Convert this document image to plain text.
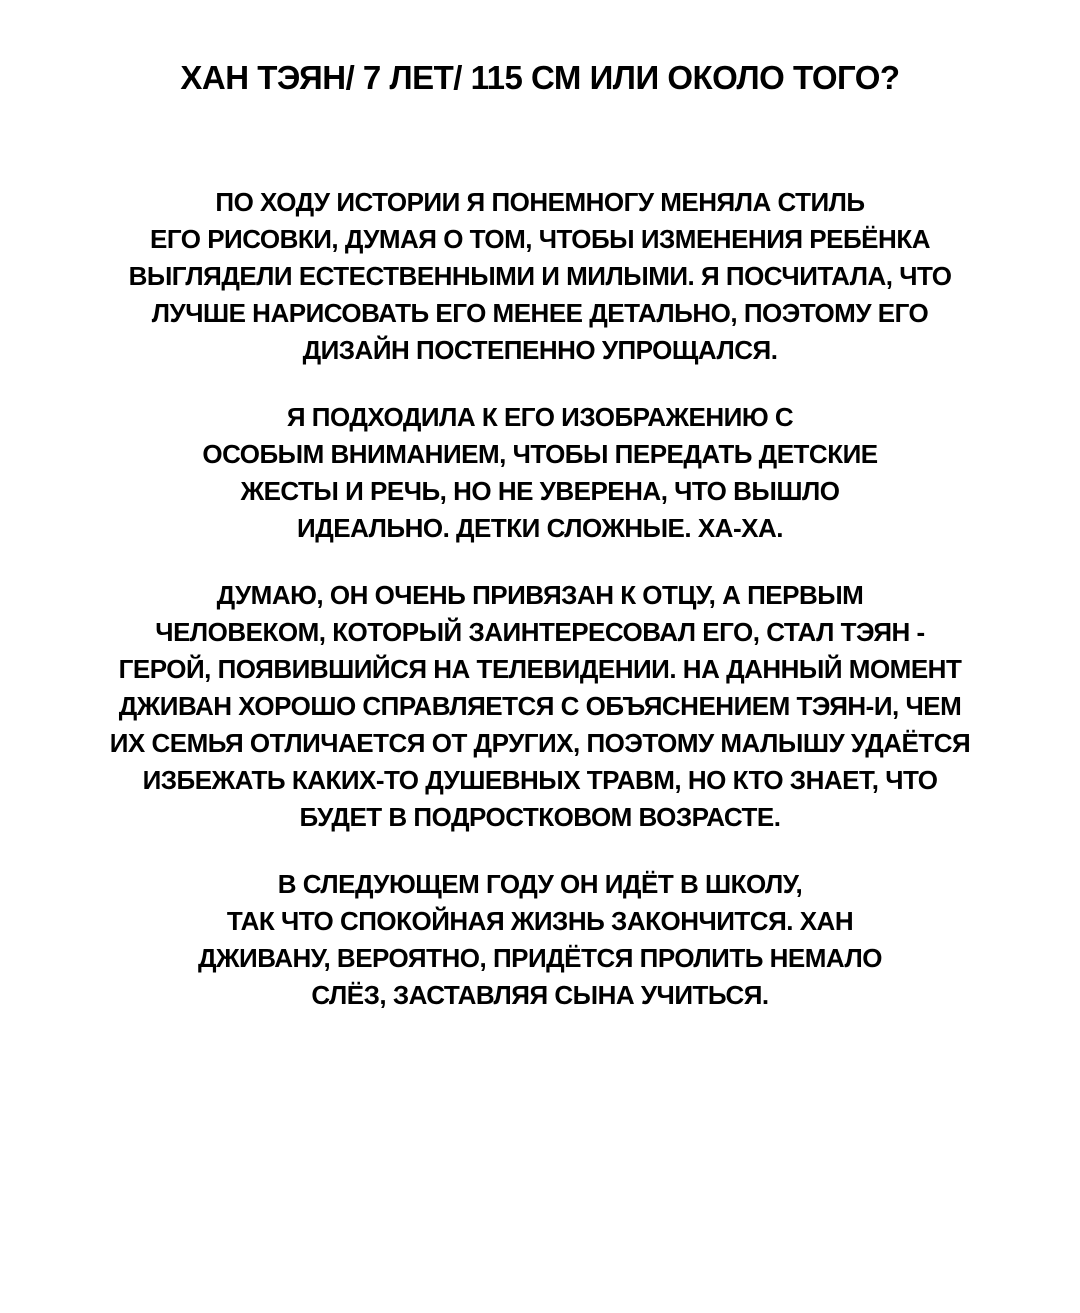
ХАН ТЭЯН/ 7 ЛЕТ/ 115 СМ ИЛИ ОКОЛО ТОГО?
ПО ХОДУ ИСТОРИИ Я ПОНЕМНОГУ МЕНЯЛА СТИЛЬ
ЕГО РИСОВКИ, ДУМАЯ О ТОМ, ЧТОБЫ ИЗМЕНЕНИЯ РЕБЁНКА
ВЫГЛЯДЕЛИ ЕСТЕСТВЕННЫМИ И МИЛЫМИ. Я ПОСЧИТАЛА, ЧТО
ЛУЧШЕ НАРИСОВАТЬ ЕГО МЕНЕЕ ДЕТАЛЬНО, ПОЭТОМУ ЕГО
ДИЗАЙН ПОСТЕПЕННО УПРОЩАЛСЯ.
Я ПОДХОДИЛА К ЕГО ИЗОБРАЖЕНИЮ С
ОСОБЫМ ВНИМАНИЕМ, ЧТОБЫ ПЕРЕДАТЬ ДЕТСКИЕ
ЖЕСТЫ И РЕЧЬ, НО НЕ УВЕРЕНА, ЧТО ВЫШЛО
ИДЕАЛЬНО. ДЕТКИ СЛОЖНЫЕ. ХА-ХА.
ДУМАЮ, ОН ОЧЕНЬ ПРИВЯЗАН К ОТЦУ, А ПЕРВЫМ
ЧЕЛОВЕКОМ, КОТОРЫЙ ЗАИНТЕРЕСОВАЛ ЕГО, СТАЛ ТЭЯН -
ГЕРОЙ, ПОЯВИВШИЙСЯ НА ТЕЛЕВИДЕНИИ. НА ДАННЫЙ МОМЕНТ
ДЖИВАН ХОРОШО СПРАВЛЯЕТСЯ С ОБЪЯСНЕНИЕМ ТЭЯН-И, ЧЕМ
ИХ СЕМЬЯ ОТЛИЧАЕТСЯ ОТ ДРУГИХ, ПОЭТОМУ МАЛЫШУ УДАЁТСЯ
ИЗБЕЖАТЬ КАКИХ-ТО ДУШЕВНЫХ ТРАВМ, НО КТО ЗНАЕТ, ЧТО
БУДЕТ В ПОДРОСТКОВОМ ВОЗРАСТЕ.
В СЛЕДУЮЩЕМ ГОДУ ОН ИДЁТ В ШКОЛУ,
ТАК ЧТО СПОКОЙНАЯ ЖИЗНЬ ЗАКОНЧИТСЯ. ХАН
ДЖИВАНУ, ВЕРОЯТНО, ПРИДЁТСЯ ПРОЛИТЬ НЕМАЛО
СЛЁЗ, ЗАСТАВЛЯЯ СЫНА УЧИТЬСЯ.
